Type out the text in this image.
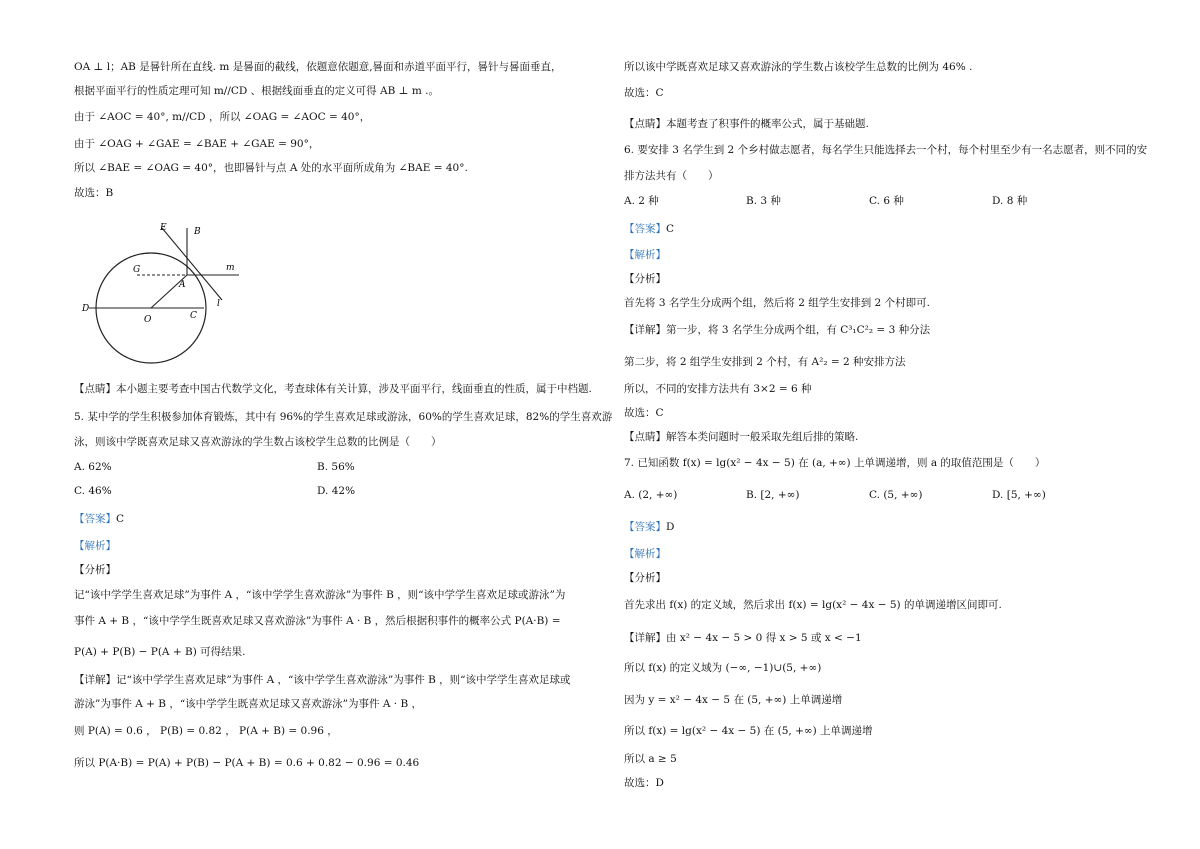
OA ⊥ l；AB 是晷针所在直线. m 是晷面的截线，依题意依题意,晷面和赤道平面平行，晷针与晷面垂直，
根据平面平行的性质定理可知 m//CD 、根据线面垂直的定义可得 AB ⊥ m .。
由于 ∠AOC = 40°, m//CD ，所以 ∠OAG = ∠AOC = 40°，
由于 ∠OAG + ∠GAE = ∠BAE + ∠GAE = 90°，
所以 ∠BAE = ∠OAG = 40°，也即晷针与点 A 处的水平面所成角为 ∠BAE = 40°.
故选：B
E	B
G
A
m
D
O	C
l
【点睛】本小题主要考查中国古代数学文化，考查球体有关计算，涉及平面平行，线面垂直的性质，属于中档题.
5. 某中学的学生积极参加体育锻炼，其中有 96%的学生喜欢足球或游泳，60%的学生喜欢足球，82%的学生喜欢游
泳，则该中学既喜欢足球又喜欢游泳的学生数占该校学生总数的比例是（　　）
A. 62%	B. 56%
C. 46%	D. 42%
【答案】C
【解析】
【分析】
记“该中学学生喜欢足球”为事件 A ，“该中学学生喜欢游泳”为事件 B ，则“该中学学生喜欢足球或游泳”为
事件 A + B ，“该中学学生既喜欢足球又喜欢游泳”为事件 A · B ，然后根据积事件的概率公式 P(A·B) =
P(A) + P(B) − P(A + B) 可得结果.
【详解】记“该中学学生喜欢足球”为事件 A ，“该中学学生喜欢游泳”为事件 B ，则“该中学学生喜欢足球或
游泳”为事件 A + B ，“该中学学生既喜欢足球又喜欢游泳”为事件 A · B ，
则 P(A) = 0.6 ， P(B) = 0.82 ， P(A + B) = 0.96 ，
所以 P(A·B) = P(A) + P(B) − P(A + B) = 0.6 + 0.82 − 0.96 = 0.46
所以该中学既喜欢足球又喜欢游泳的学生数占该校学生总数的比例为 46% .
故选：C
【点睛】本题考查了积事件的概率公式，属于基础题.
6. 要安排 3 名学生到 2 个乡村做志愿者，每名学生只能选择去一个村，每个村里至少有一名志愿者，则不同的安
排方法共有（　　）
A. 2 种	B. 3 种	C. 6 种	D. 8 种
【答案】C
【解析】
【分析】
首先将 3 名学生分成两个组，然后将 2 组学生安排到 2 个村即可.
【详解】第一步，将 3 名学生分成两个组，有 C³₁C²₂ = 3 种分法
第二步，将 2 组学生安排到 2 个村，有 A²₂ = 2 种安排方法
所以，不同的安排方法共有 3×2 = 6 种
故选：C
【点睛】解答本类问题时一般采取先组后排的策略.
7. 已知函数 f(x) = lg(x² − 4x − 5) 在 (a, +∞) 上单调递增，则 a 的取值范围是（　　）
A. (2, +∞)	B. [2, +∞)	C. (5, +∞)	D. [5, +∞)
【答案】D
【解析】
【分析】
首先求出 f(x) 的定义域，然后求出 f(x) = lg(x² − 4x − 5) 的单调递增区间即可.
【详解】由 x² − 4x − 5 > 0 得 x > 5 或 x < −1
所以 f(x) 的定义域为 (−∞, −1)∪(5, +∞)
因为 y = x² − 4x − 5 在 (5, +∞) 上单调递增
所以 f(x) = lg(x² − 4x − 5) 在 (5, +∞) 上单调递增
所以 a ≥ 5
故选：D
